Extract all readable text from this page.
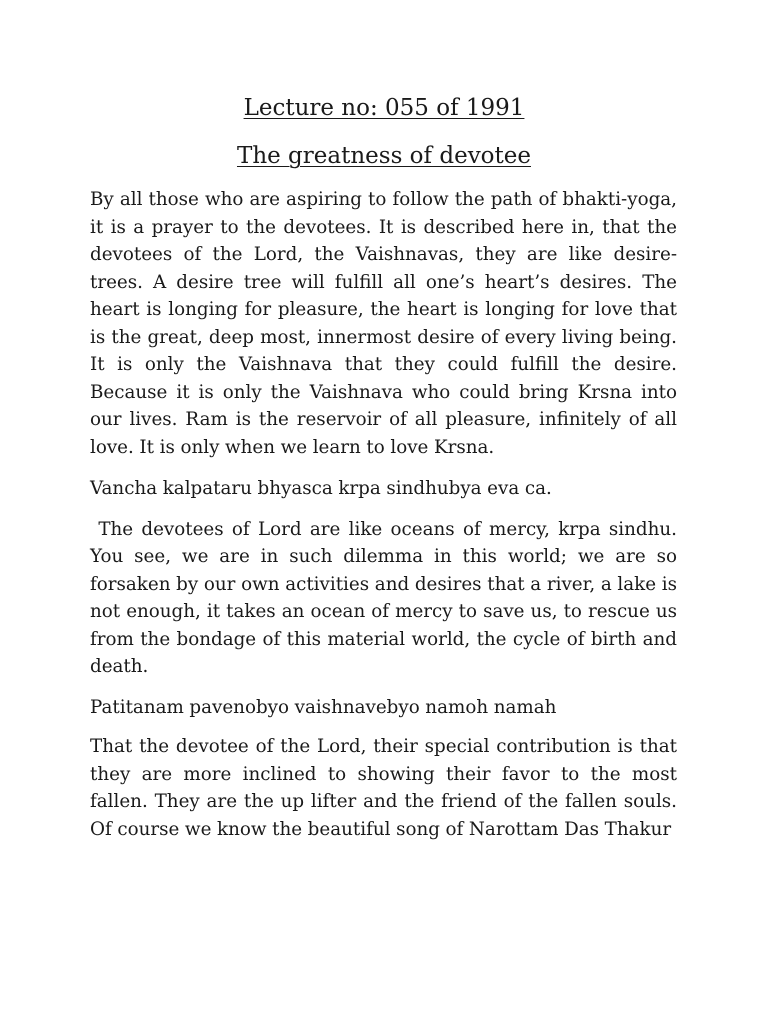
Lecture no: 055 of 1991
The greatness of devotee

By all those who are aspiring to follow the path of bhakti-yoga, it is a prayer to the devotees. It is described here in, that the devotees of the Lord, the Vaishnavas, they are like desire-trees. A desire tree will fulfill all one’s heart’s desires. The heart is longing for pleasure, the heart is longing for love that is the great, deep most, innermost desire of every living being. It is only the Vaishnava that they could fulfill the desire. Because it is only the Vaishnava who could bring Krsna into our lives. Ram is the reservoir of all pleasure, infinitely of all love. It is only when we learn to love Krsna.

Vancha kalpataru bhyasca krpa sindhubya eva ca.

The devotees of Lord are like oceans of mercy, krpa sindhu. You see, we are in such dilemma in this world; we are so forsaken by our own activities and desires that a river, a lake is not enough, it takes an ocean of mercy to save us, to rescue us from the bondage of this material world, the cycle of birth and death.

Patitanam pavenobyo vaishnavebyo namoh namah

That the devotee of the Lord, their special contribution is that they are more inclined to showing their favor to the most fallen. They are the up lifter and the friend of the fallen souls. Of course we know the beautiful song of Narottam Das Thakur
